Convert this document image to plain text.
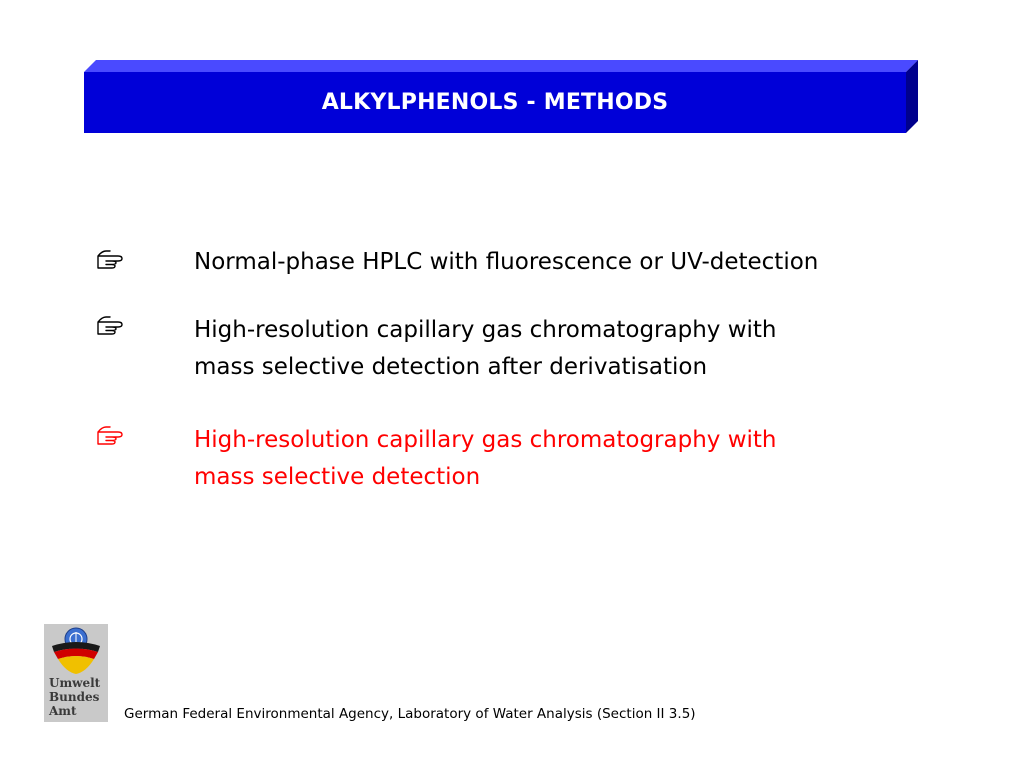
ALKYLPHENOLS - METHODS
Normal-phase HPLC with fluorescence or UV-detection
High-resolution capillary gas chromatography with
mass selective detection after derivatisation
High-resolution capillary gas chromatography with
mass selective detection
Umwelt
Bundes
Amt	German Federal Environmental Agency, Laboratory of Water Analysis (Section II 3.5)
